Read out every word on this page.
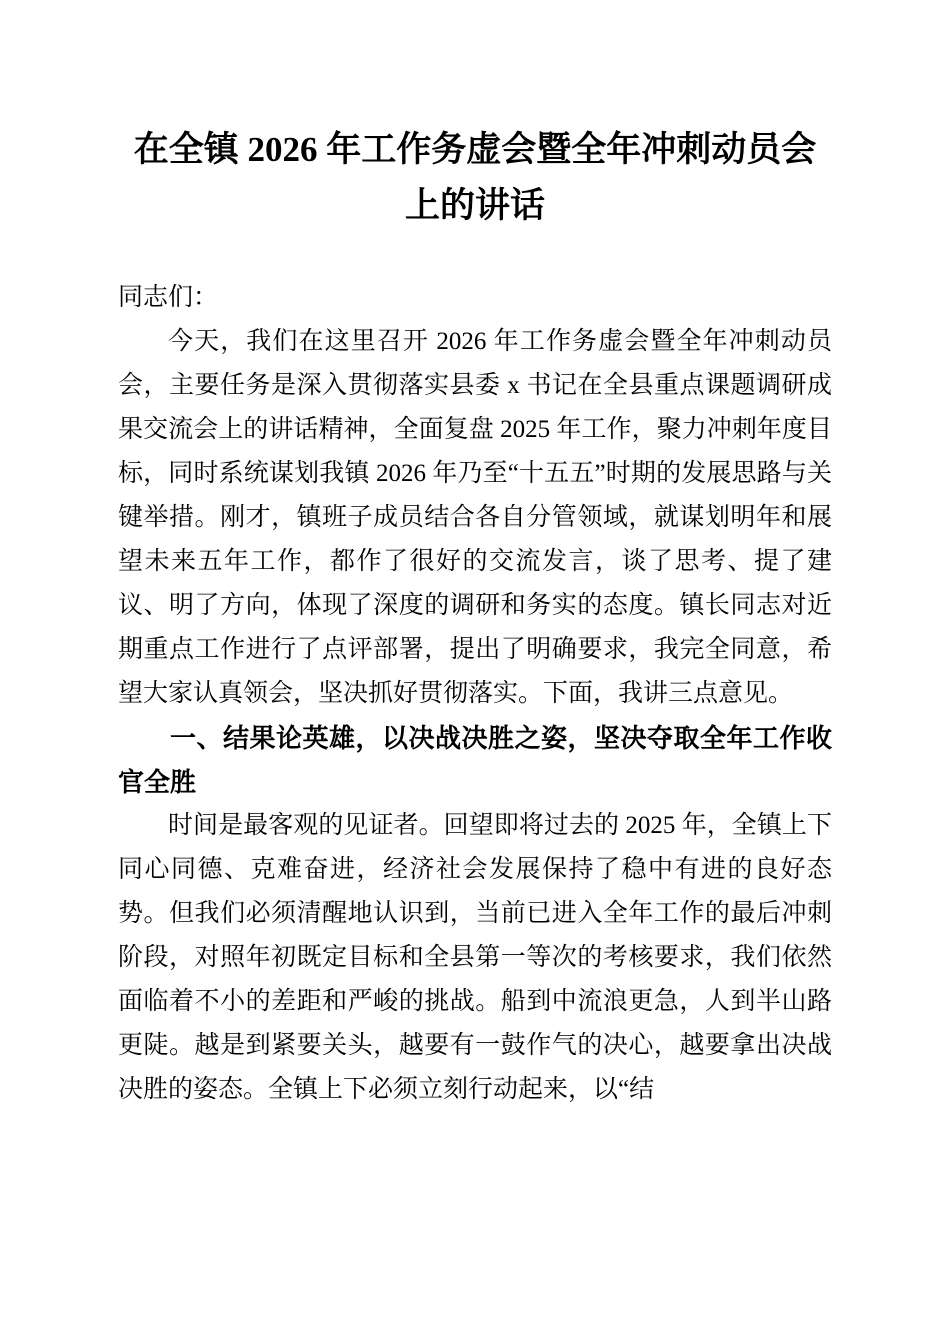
在全镇 2026 年工作务虚会暨全年冲刺动员会上的讲话

同志们：

今天，我们在这里召开 2026 年工作务虚会暨全年冲刺动员会，主要任务是深入贯彻落实县委 x 书记在全县重点课题调研成果交流会上的讲话精神，全面复盘 2025 年工作，聚力冲刺年度目标，同时系统谋划我镇 2026 年乃至“十五五”时期的发展思路与关键举措。刚才，镇班子成员结合各自分管领域，就谋划明年和展望未来五年工作，都作了很好的交流发言，谈了思考、提了建议、明了方向，体现了深度的调研和务实的态度。镇长同志对近期重点工作进行了点评部署，提出了明确要求，我完全同意，希望大家认真领会，坚决抓好贯彻落实。下面，我讲三点意见。

一、结果论英雄，以决战决胜之姿，坚决夺取全年工作收官全胜

时间是最客观的见证者。回望即将过去的 2025 年，全镇上下同心同德、克难奋进，经济社会发展保持了稳中有进的良好态势。但我们必须清醒地认识到，当前已进入全年工作的最后冲刺阶段，对照年初既定目标和全县第一等次的考核要求，我们依然面临着不小的差距和严峻的挑战。船到中流浪更急，人到半山路更陡。越是到紧要关头，越要有一鼓作气的决心，越要拿出决战决胜的姿态。全镇上下必须立刻行动起来，以“结
